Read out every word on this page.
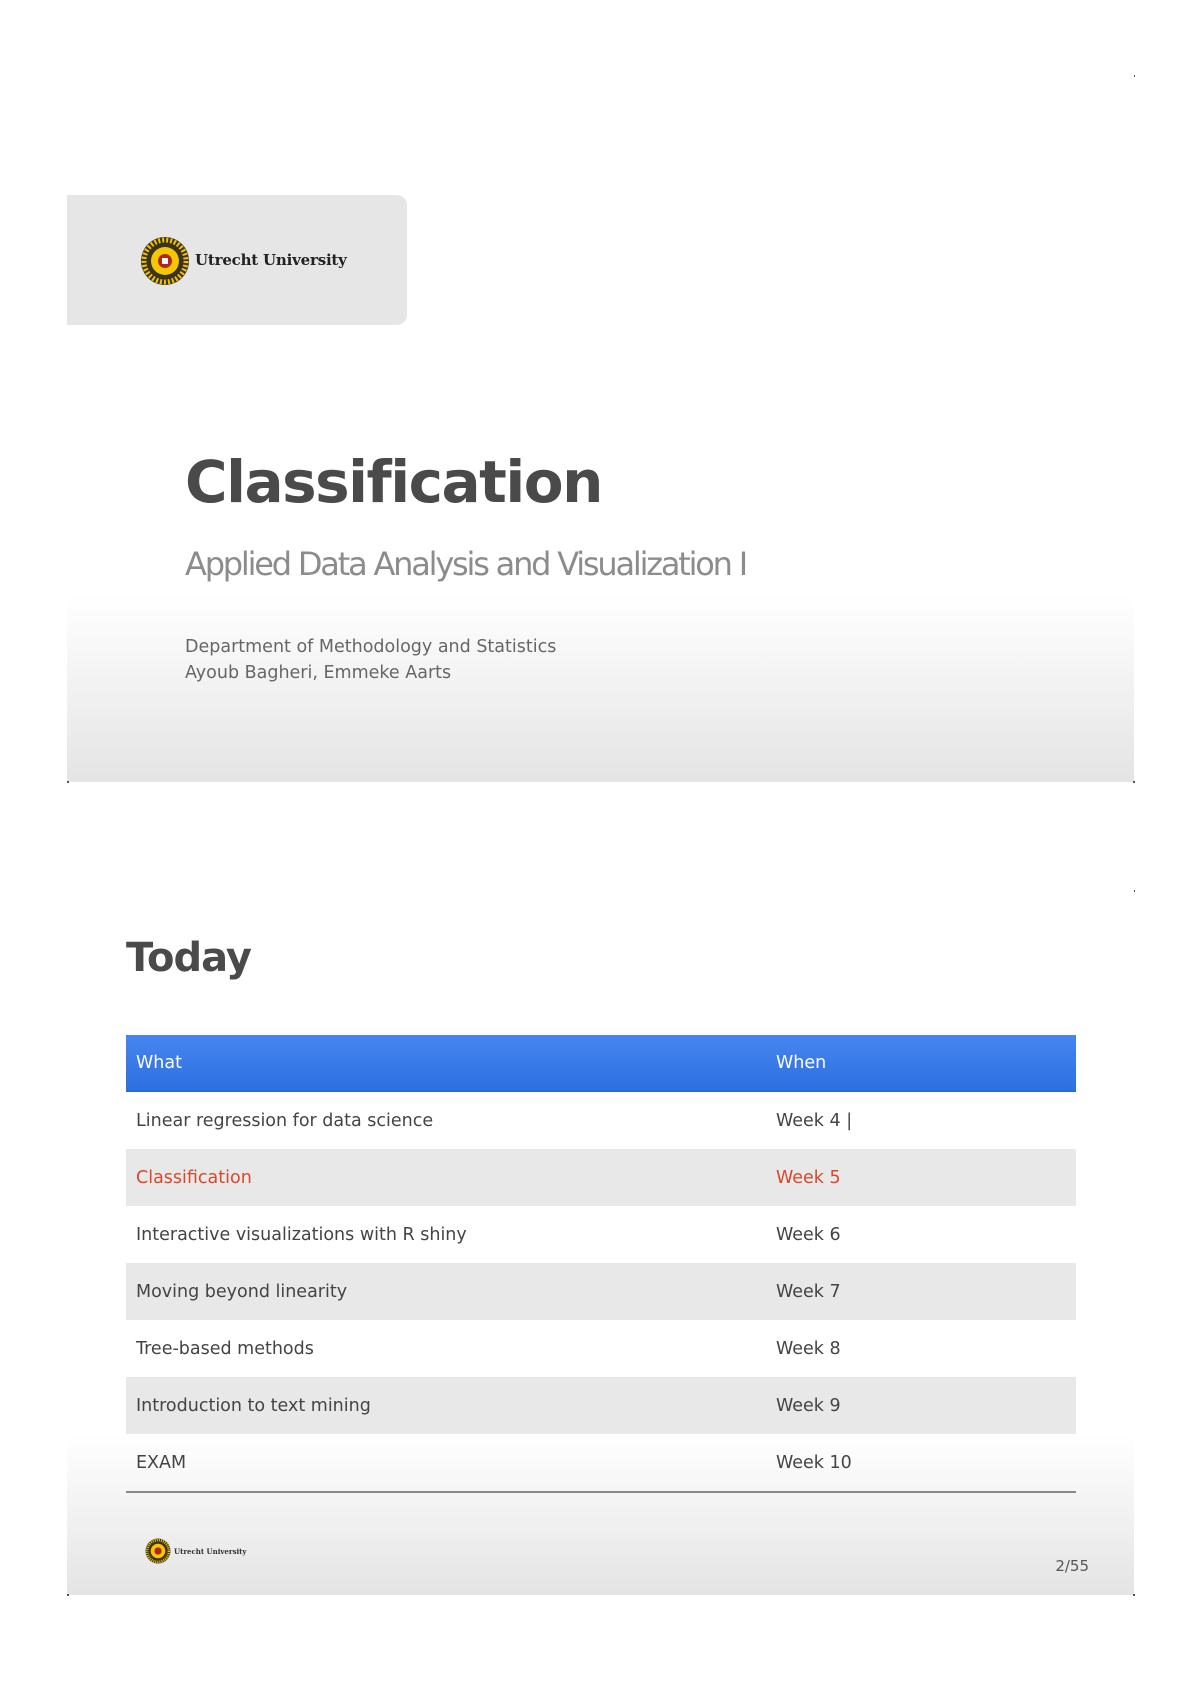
Utrecht University
Classification
Applied Data Analysis and Visualization I
Department of Methodology and Statistics
Ayoub Bagheri, Emmeke Aarts
Today
What	When
Linear regression for data science	Week 4 |
Classification	Week 5
Interactive visualizations with R shiny	Week 6
Moving beyond linearity	Week 7
Tree-based methods	Week 8
Introduction to text mining	Week 9
EXAM	Week 10
Utrecht University
2/55
